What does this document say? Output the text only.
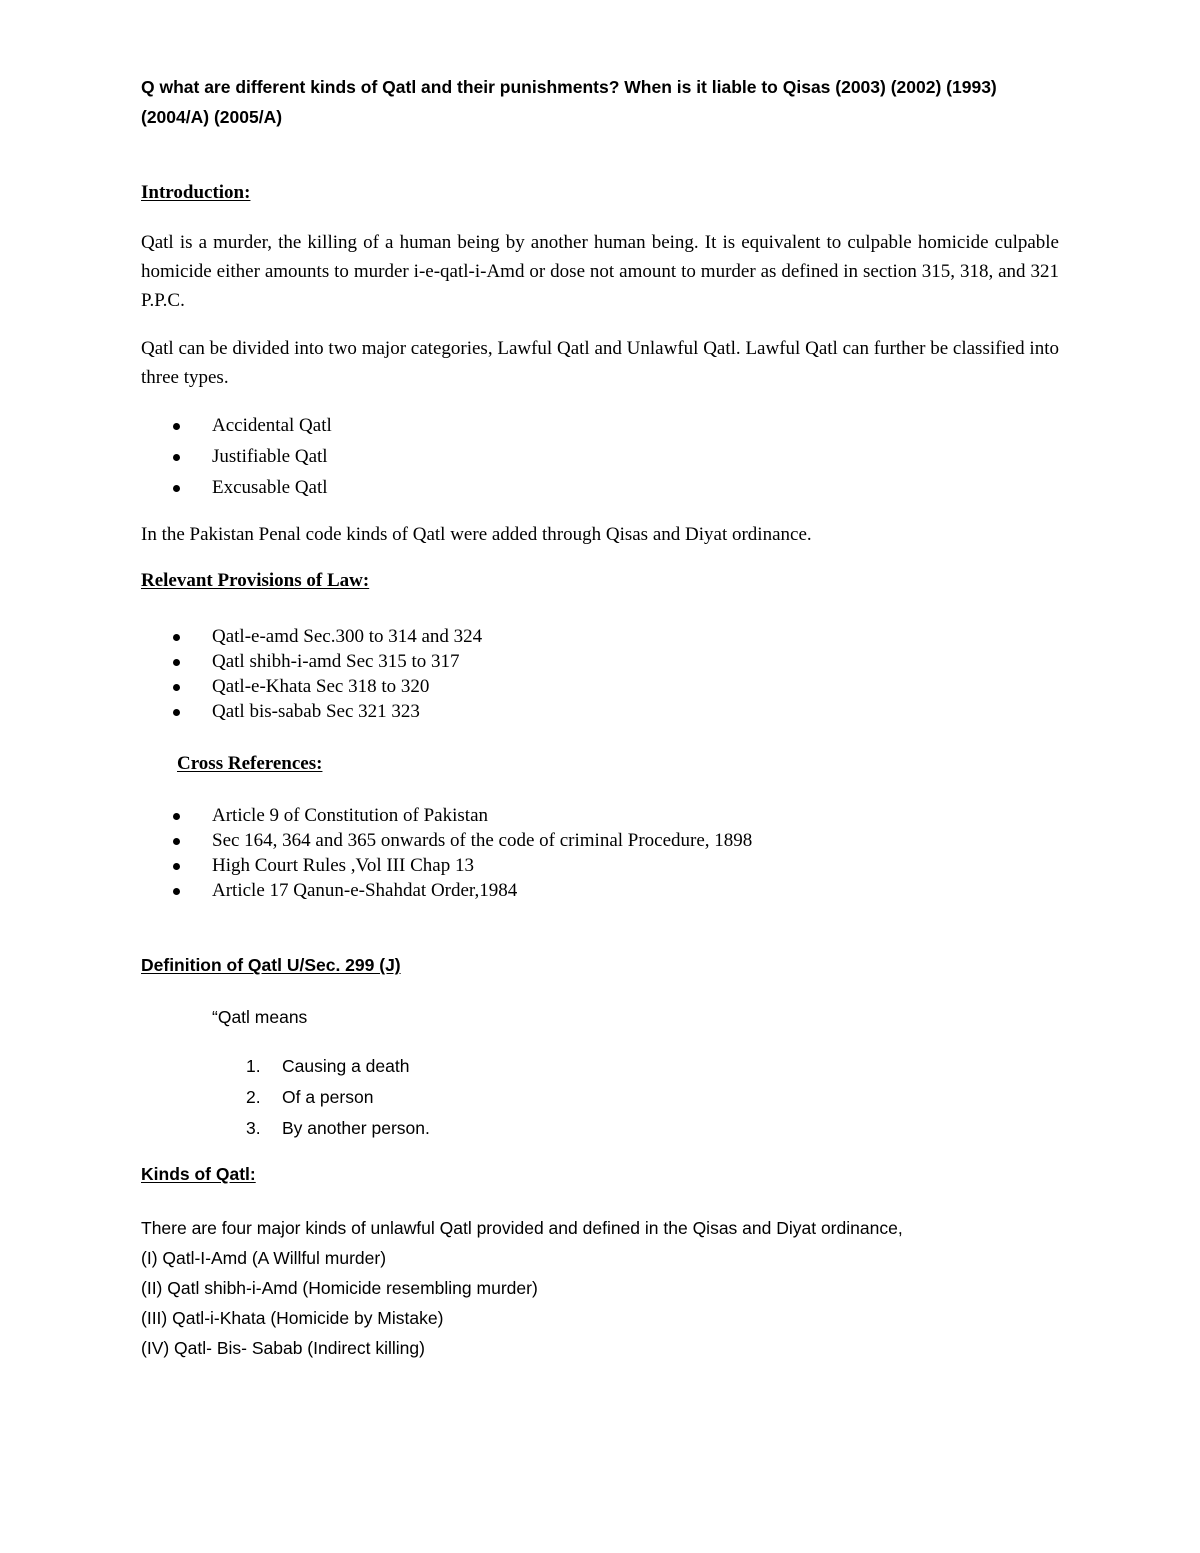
Q what are different kinds of Qatl and their punishments? When is it liable to Qisas (2003) (2002) (1993) (2004/A) (2005/A)
Introduction:
Qatl is a murder, the killing of a human being by another human being. It is equivalent to culpable homicide culpable homicide either amounts to murder i-e-qatl-i-Amd or dose not amount to murder as defined in section 315, 318, and 321 P.P.C.
Qatl can be divided into two major categories, Lawful Qatl and Unlawful Qatl. Lawful Qatl can further be classified into three types.
Accidental Qatl
Justifiable Qatl
Excusable Qatl
In the Pakistan Penal code kinds of Qatl were added through Qisas and Diyat ordinance.
Relevant Provisions of Law:
Qatl-e-amd Sec.300 to 314 and 324
Qatl shibh-i-amd Sec 315 to 317
Qatl-e-Khata Sec 318 to 320
Qatl bis-sabab Sec 321 323
Cross References:
Article 9 of Constitution of Pakistan
Sec 164, 364 and 365 onwards of the code of criminal Procedure, 1898
High Court Rules ,Vol III Chap 13
Article 17 Qanun-e-Shahdat Order,1984
Definition of Qatl U/Sec. 299 (J)
“Qatl means
1. Causing a death
2. Of a person
3. By another person.
Kinds of Qatl:
There are four major kinds of unlawful Qatl provided and defined in the Qisas and Diyat ordinance,
(I) Qatl-I-Amd (A Willful murder)
(II) Qatl shibh-i-Amd (Homicide resembling murder)
(III) Qatl-i-Khata (Homicide by Mistake)
(IV) Qatl- Bis- Sabab (Indirect killing)
